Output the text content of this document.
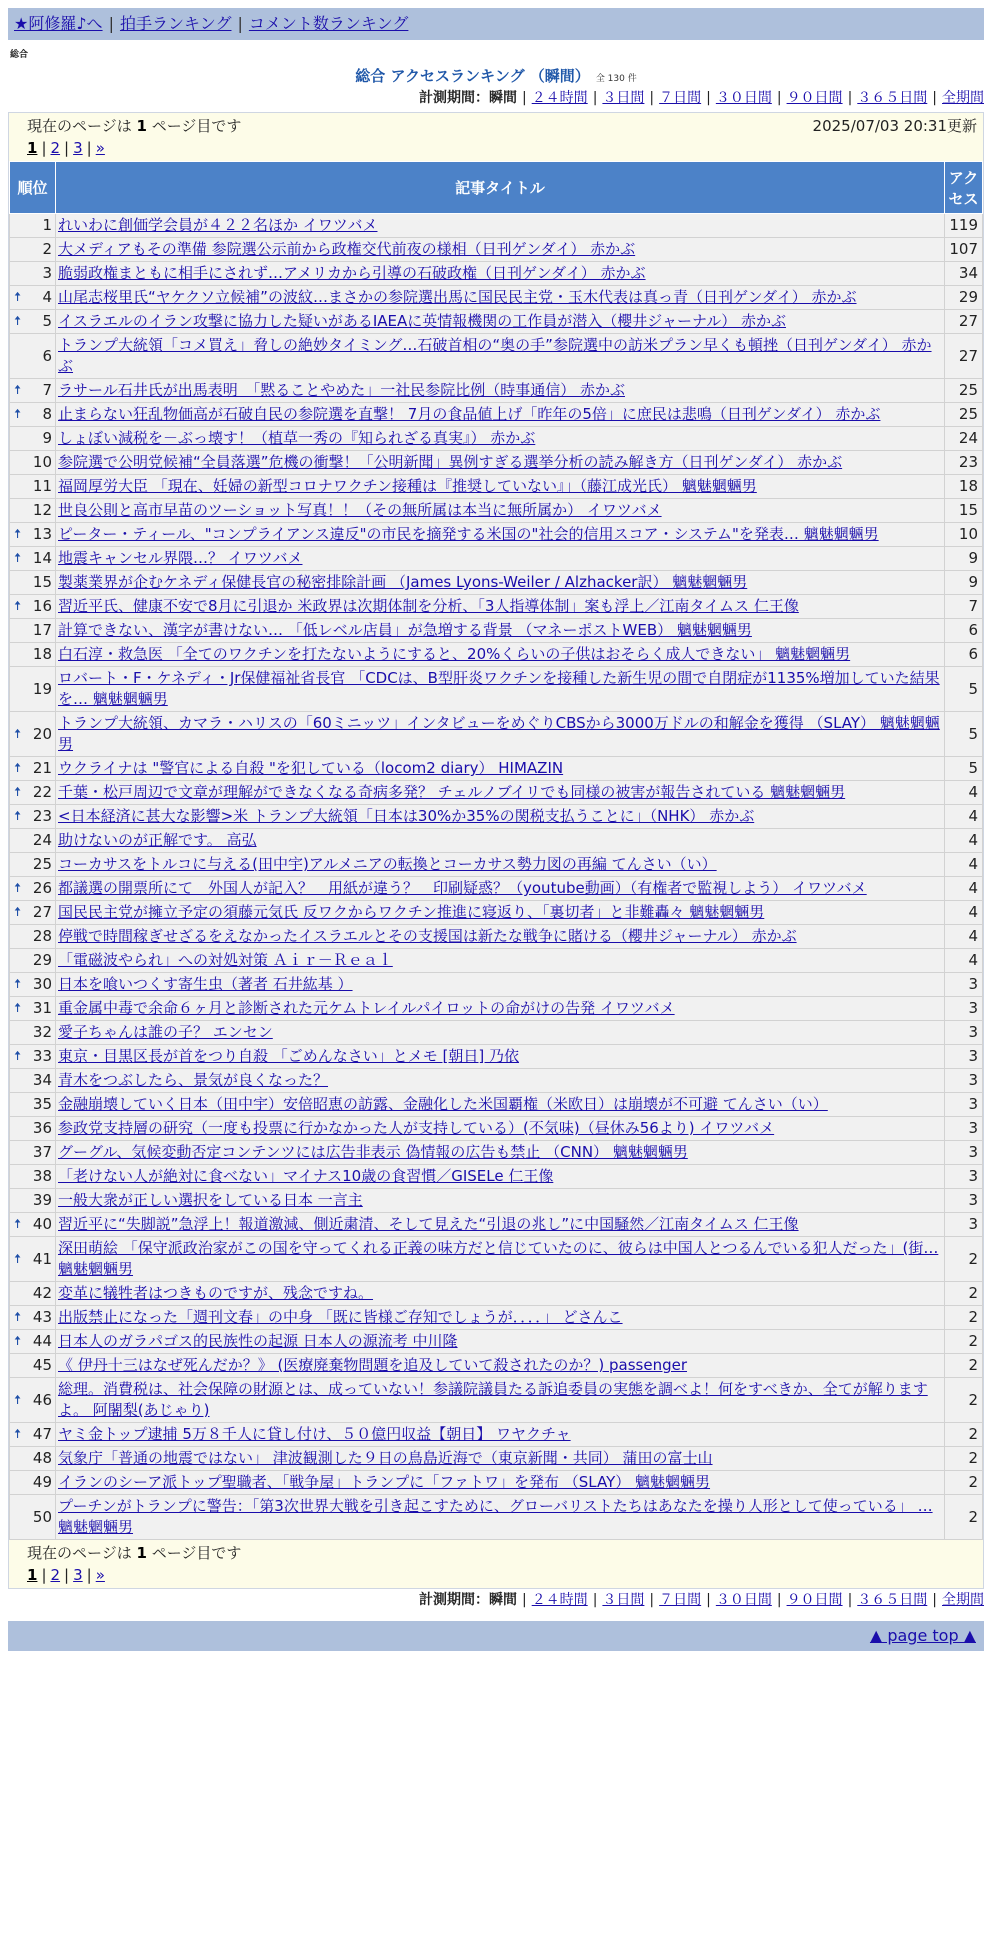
★阿修羅♪へ | 拍手ランキング | コメント数ランキング
総合
総合 アクセスランキング （瞬間） 全 130 件
計測期間：瞬間 | ２４時間 | ３日間 | ７日間 | ３０日間 | ９０日間 | ３６５日間 | 全期間
現在のページは 1 ページ目です	2025/07/03 20:31更新
1 | 2 | 3 | »
順位	記事タイトル	アクセス
1	れいわに創価学会員が４２２名ほか イワツバメ	119
2	大メディアもその準備 参院選公示前から政権交代前夜の様相（日刊ゲンダイ） 赤かぶ	107
3	脆弱政権まともに相手にされず…アメリカから引導の石破政権（日刊ゲンダイ） 赤かぶ	34

🠅 4	山尾志桜里氏“ヤケクソ立候補”の波紋…まさかの参院選出馬に国民民主党・玉木代表は真っ青（日刊ゲンダイ） 赤かぶ	29

🠅 5	イスラエルのイラン攻撃に協力した疑いがあるIAEAに英情報機関の工作員が潜入（櫻井ジャーナル） 赤かぶ	27
6	トランプ大統領「コメ買え」脅しの絶妙タイミング…石破首相の“奥の手”参院選中の訪米プラン早くも頓挫（日刊ゲンダイ） 赤かぶ	27

🠅 7	ラサール石井氏が出馬表明　「黙ることやめた」一社民参院比例（時事通信） 赤かぶ	25

🠅 8	止まらない狂乱物価高が石破自民の参院選を直撃！ 7月の食品値上げ「昨年の5倍」に庶民は悲鳴（日刊ゲンダイ） 赤かぶ	25
9	しょぼい減税を－ぶっ壊す！（植草一秀の『知られざる真実』） 赤かぶ	24
10	参院選で公明党候補“全員落選”危機の衝撃！「公明新聞」異例すぎる選挙分析の読み解き方（日刊ゲンダイ） 赤かぶ	23
11	福岡厚労大臣 「現在、妊婦の新型コロナワクチン接種は『推奨していない』」（藤江成光氏） 魑魅魍魎男	18
12	世良公則と高市早苗のツーショット写真！！（その無所属は本当に無所属か） イワツバメ	15

🠅 13	ピーター・ティール、"コンプライアンス違反"の市民を摘発する米国の"社会的信用スコア・システム"を発表… 魑魅魍魎男	10

🠅 14	地震キャンセル界隈…？ イワツバメ	9
15	製薬業界が企むケネディ保健長官の秘密排除計画 （James Lyons-Weiler / Alzhacker訳） 魑魅魍魎男	9

🠅 16	習近平氏、健康不安で8月に引退か 米政界は次期体制を分析、「3人指導体制」案も浮上／江南タイムス 仁王像	7
17	計算できない、漢字が書けない… 「低レベル店員」が急増する背景 （マネーポストWEB） 魑魅魍魎男	6
18	白石淳・救急医 「全てのワクチンを打たないようにすると、20%くらいの子供はおそらく成人できない」 魑魅魍魎男	6
19	ロバート・F・ケネディ・Jr保健福祉省長官 「CDCは、B型肝炎ワクチンを接種した新生児の間で自閉症が1135%増加していた結果を… 魑魅魍魎男	5

🠅 20	トランプ大統領、カマラ・ハリスの「60ミニッツ」インタビューをめぐりCBSから3000万ドルの和解金を獲得 （SLAY） 魑魅魍魎男	5

🠅 21	ウクライナは "警官による自殺 "を犯している（locom2 diary） HIMAZIN	5

🠅 22	千葉・松戸周辺で文章が理解ができなくなる奇病多発？ チェルノブイリでも同様の被害が報告されている 魑魅魍魎男	4

🠅 23	<日本経済に甚大な影響>米 トランプ大統領「日本は30%か35%の関税支払うことに」（NHK） 赤かぶ	4
24	助けないのが正解です。 高弘	4
25	コーカサスをトルコに与える(田中宇)アルメニアの転換とコーカサス勢力図の再編 てんさい（い）	4

🠅 26	都議選の開票所にて　外国人が記入？　用紙が違う？　印刷疑惑？（youtube動画）（有権者で監視しよう） イワツバメ	4

🠅 27	国民民主党が擁立予定の須藤元気氏 反ワクからワクチン推進に寝返り、「裏切者」と非難轟々 魑魅魍魎男	4
28	停戦で時間稼ぎせざるをえなかったイスラエルとその支援国は新たな戦争に賭ける（櫻井ジャーナル） 赤かぶ	4
29	「電磁波やられ」への対処対策 Ａｉｒ－Ｒｅａｌ	4

🠅 30	日本を喰いつくす寄生虫（著者 石井紘基 ）	3

🠅 31	重金属中毒で余命６ヶ月と診断された元ケムトレイルパイロットの命がけの告発 イワツバメ	3
32	愛子ちゃんは誰の子？ エンセン	3

🠅 33	東京・目黒区長が首をつり自殺 「ごめんなさい」とメモ [朝日] 乃依	3
34	青木をつぶしたら、景気が良くなった？	3
35	金融崩壊していく日本（田中宇）安倍昭恵の訪露、金融化した米国覇権（米欧日）は崩壊が不可避 てんさい（い）	3
36	参政党支持層の研究（一度も投票に行かなかった人が支持している）(不気味)（昼休み56より) イワツバメ	3
37	グーグル、気候変動否定コンテンツには広告非表示 偽情報の広告も禁止 （CNN） 魑魅魍魎男	3
38	「老けない人が絶対に食べない」マイナス10歳の食習慣／GISELe 仁王像	3
39	一般大衆が正しい選択をしている日本 一言主	3

🠅 40	習近平に“失脚説”急浮上！報道激減、側近粛清、そして見えた“引退の兆し”に中国騒然／江南タイムス 仁王像	3

🠅 41	深田萌絵 「保守派政治家がこの国を守ってくれる正義の味方だと信じていたのに、彼らは中国人とつるんでいる犯人だった」(街… 魑魅魍魎男	2
42	変革に犠牲者はつきものですが、残念ですね。	2

🠅 43	出版禁止になった「週刊文春」の中身 「既に皆様ご存知でしょうが．．．．」 どさんこ	2

🠅 44	日本人のガラパゴス的民族性の起源 日本人の源流考 中川隆	2
45	《 伊丹十三はなぜ死んだか？》 (医療廃棄物問題を追及していて殺されたのか？) passenger	2

🠅 46	総理。消費税は、社会保障の財源とは、成っていない！参議院議員たる訴追委員の実態を調べよ！何をすべきか、全てが解りますよ。 阿闍梨(あじゃり)	2

🠅 47	ヤミ金トップ逮捕 5万８千人に貸し付け、５０億円収益【朝日】 ワヤクチャ	2
48	気象庁「普通の地震ではない」 津波観測した９日の鳥島近海で（東京新聞・共同） 蒲田の富士山	2
49	イランのシーア派トップ聖職者、「戦争屋」トランプに「ファトワ」を発布 （SLAY） 魑魅魍魎男	2
50	プーチンがトランプに警告：「第3次世界大戦を引き起こすために、グローバリストたちはあなたを操り人形として使っている」 … 魑魅魍魎男	2
現在のページは 1 ページ目です
1 | 2 | 3 | »
計測期間：瞬間 | ２４時間 | ３日間 | ７日間 | ３０日間 | ９０日間 | ３６５日間 | 全期間
▲ page top ▲
